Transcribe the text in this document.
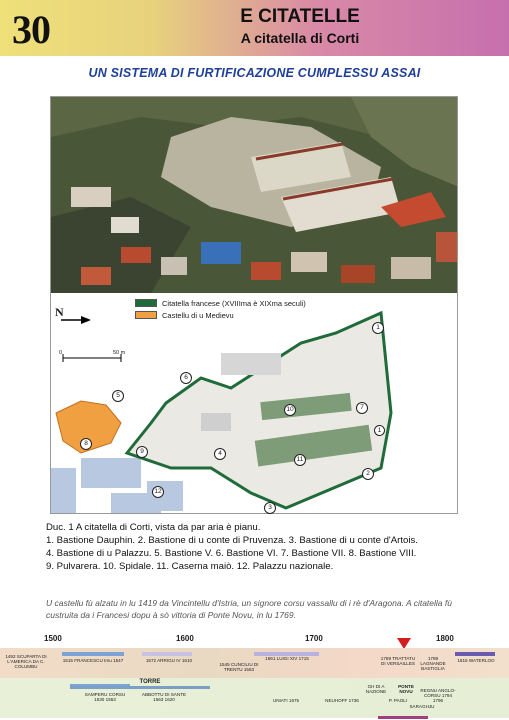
30	E CITATELLE
A citatella di Corti
UN SISTEMA DI FURTIFICAZIONE CUMPLESSU ASSAI
Citatella francese (XVIIIma è XIXma seculi)
Castellu di u Medievu
N
0	50 m
1
1
2
3
4
5
6
7
8
9
10
11
12
Duc. 1 A citatella di Corti, vista da par aria è pianu.
1. Bastione Dauphin. 2. Bastione di u conte di Pruvenza. 3. Bastione di u conte d'Artois.
4. Bastione di u Palazzu. 5. Bastione V. 6. Bastione VI. 7. Bastione VII. 8. Bastione VIII.
9. Pulvarera. 10. Spidale. 11. Caserna maiò. 12. Palazzu nazionale.
U castellu fù alzatu in lu 1419 da Vincintellu d'Istria, un signore corsu vassallu di i rè d'Aragona. A citatella fù
custruita da i Francesi dopu à sò vittoria di Ponte Novu, in lu 1769.
1500	1600	1700	1800
1492 SCUPARTA DI L'AMERICA DA C. COLUMBU
1515 FRANCESCU Imu 1547	1572 ARRIGU IV 1610
1545 CUNCILIU DI TRENTU 1563
1661 LUIGI XIV 1715	1789 TRATTATU DI VERSAILLES
1789 LAGNANDE BASTIGLIA
1815 WATERLOO
SAMPERU CORSU 1530 1553
TORRE
ABBOTTU DI SANTE 1563 1620	UNIATI 1675	NEUHOFF 1736
GH DI A NAZIONE
PONTE NOVU
P. PAOLI
SARAGHJU
REGNU ANGLO-CORSU 1794 1796
